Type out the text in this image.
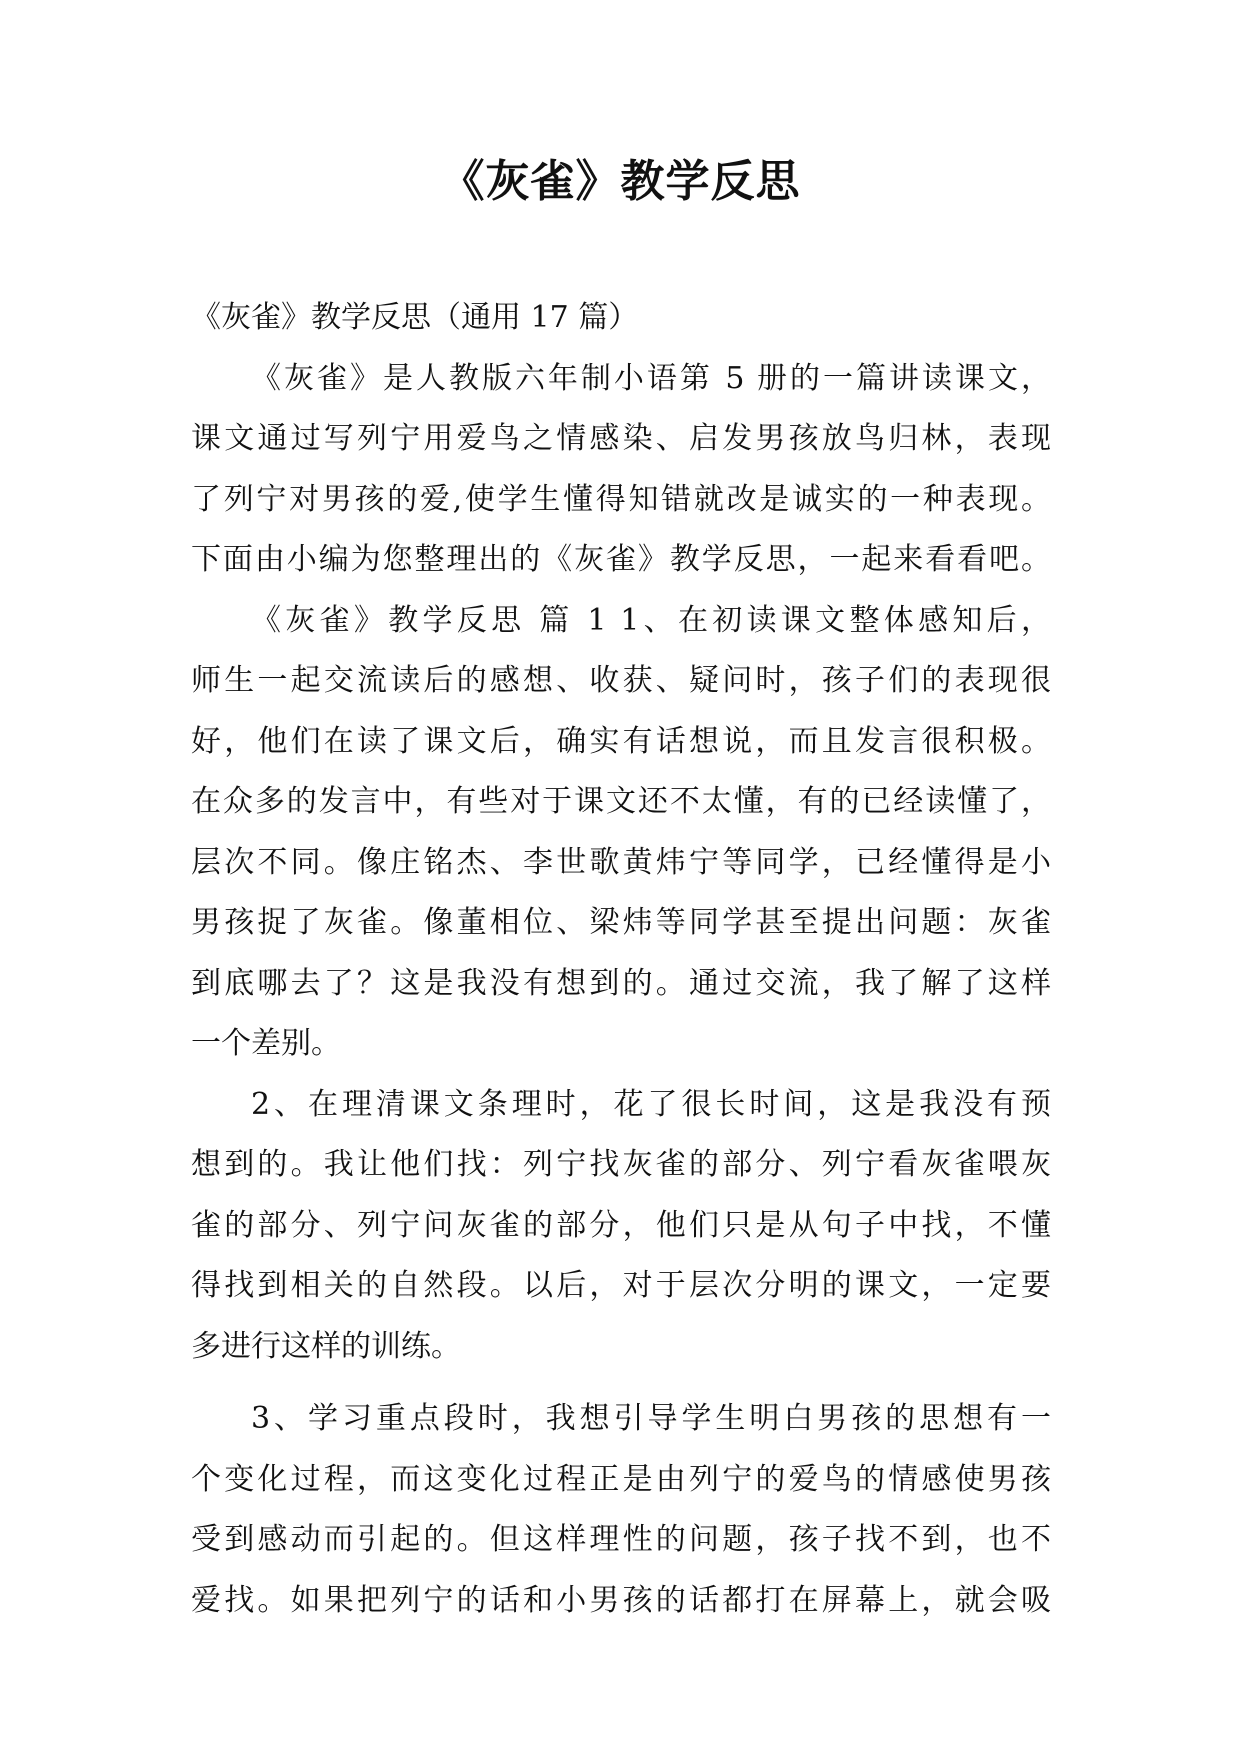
《灰雀》教学反思
《灰雀》教学反思（通用 17 篇）
《灰雀》是人教版六年制小语第 5 册的一篇讲读课文，
课文通过写列宁用爱鸟之情感染、启发男孩放鸟归林，表现
了列宁对男孩的爱,使学生懂得知错就改是诚实的一种表现。
下面由小编为您整理出的《灰雀》教学反思，一起来看看吧。
《灰雀》教学反思 篇 1 1、在初读课文整体感知后，
师生一起交流读后的感想、收获、疑问时，孩子们的表现很
好，他们在读了课文后，确实有话想说，而且发言很积极。
在众多的发言中，有些对于课文还不太懂，有的已经读懂了，
层次不同。像庄铭杰、李世歌黄炜宁等同学，已经懂得是小
男孩捉了灰雀。像董相位、梁炜等同学甚至提出问题：灰雀
到底哪去了？这是我没有想到的。通过交流，我了解了这样
一个差别。
2、在理清课文条理时，花了很长时间，这是我没有预
想到的。我让他们找：列宁找灰雀的部分、列宁看灰雀喂灰
雀的部分、列宁问灰雀的部分，他们只是从句子中找，不懂
得找到相关的自然段。以后，对于层次分明的课文，一定要
多进行这样的训练。
3、学习重点段时，我想引导学生明白男孩的思想有一
个变化过程，而这变化过程正是由列宁的爱鸟的情感使男孩
受到感动而引起的。但这样理性的问题，孩子找不到，也不
爱找。如果把列宁的话和小男孩的话都打在屏幕上，就会吸
